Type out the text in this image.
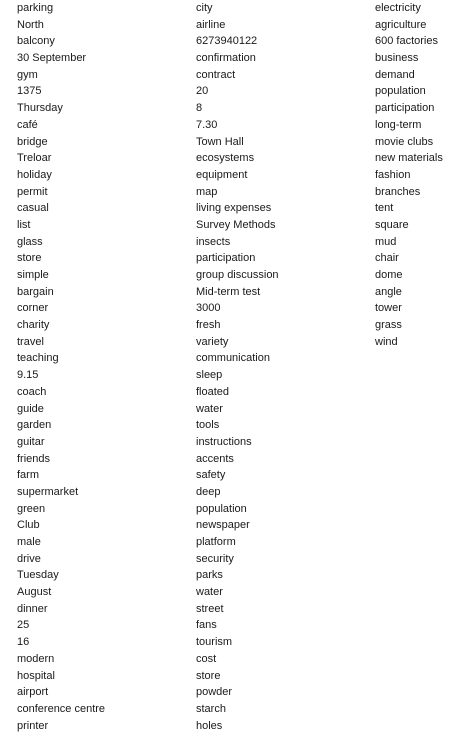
parking
North
balcony
30 September
gym
1375
Thursday
café
bridge
Treloar
holiday
permit
casual
list
glass
store
simple
bargain
corner
charity
travel
teaching
9.15
coach
guide
garden
guitar
friends
farm
supermarket
green
Club
male
drive
Tuesday
August
dinner
25
16
modern
hospital
airport
conference centre
printer
city
airline
6273940122
confirmation
contract
20
8
7.30
Town Hall
ecosystems
equipment
map
living expenses
Survey Methods
insects
participation
group discussion
Mid-term test
3000
fresh
variety
communication
sleep
floated
water
tools
instructions
accents
safety
deep
population
newspaper
platform
security
parks
water
street
fans
tourism
cost
store
powder
starch
holes
electricity
agriculture
600 factories
business
demand
population
participation
long-term
movie clubs
new materials
fashion
branches
tent
square
mud
chair
dome
angle
tower
grass
wind
